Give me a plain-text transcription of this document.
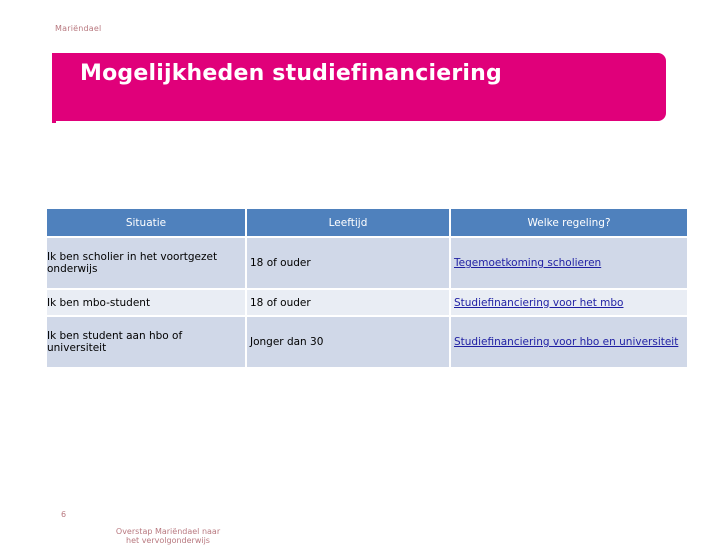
Mariëndael
Mogelijkheden studiefinanciering
Situatie	Leeftijd	Welke regeling?
Ik ben scholier in het voortgezet onderwijs	18 of ouder	Tegemoetkoming scholieren
Ik ben mbo-student	18 of ouder	Studiefinanciering voor het mbo
Ik ben student aan hbo of universiteit	Jonger dan 30	Studiefinanciering voor hbo en universiteit
6
Overstap Mariëndael naar het vervolgonderwijs
